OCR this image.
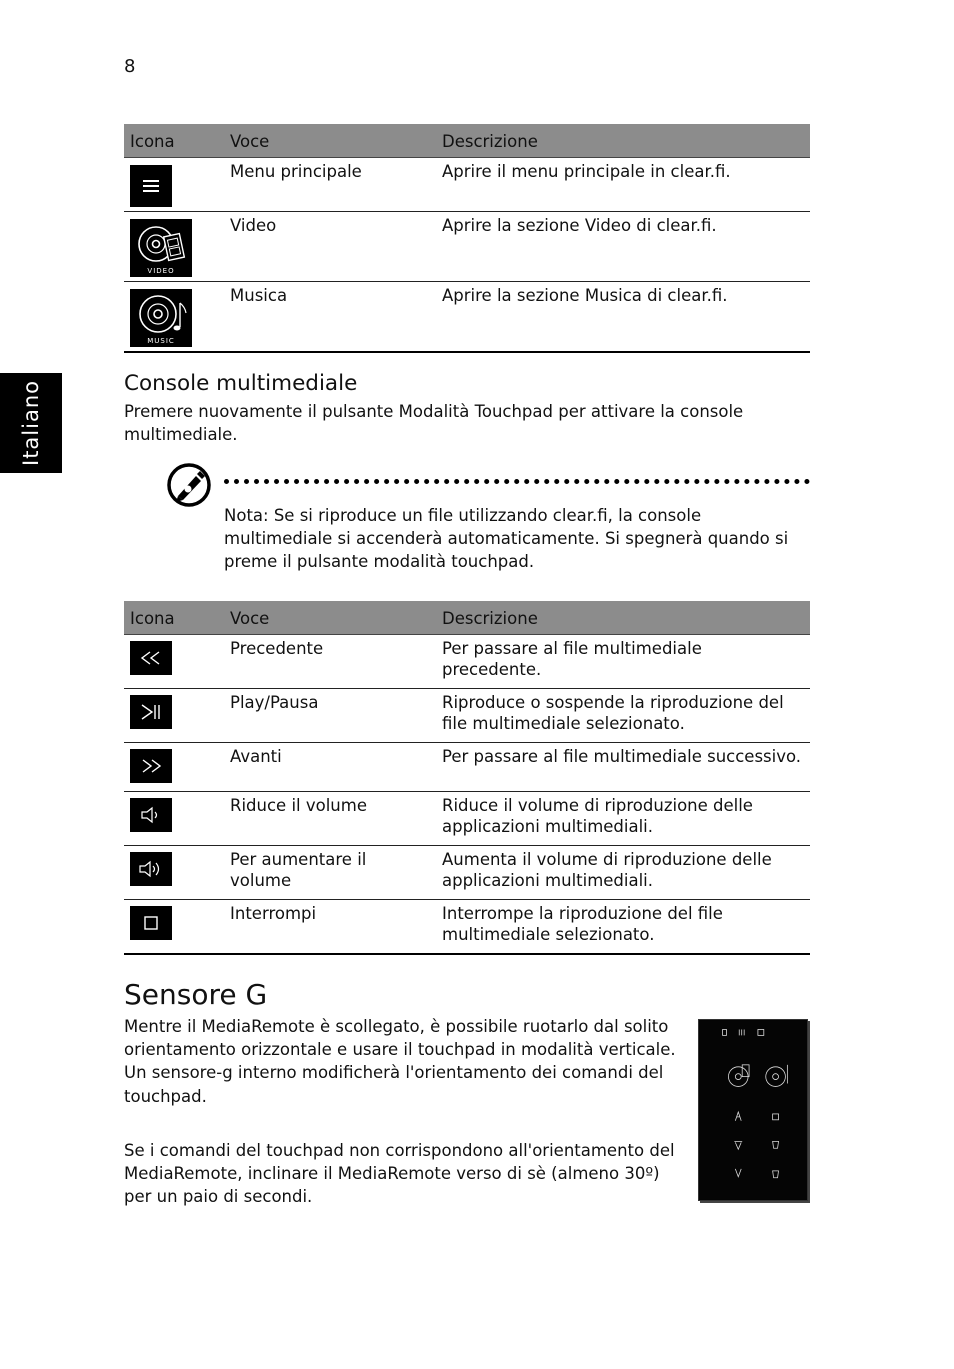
8
Italiano
Icona	Voce	Descrizione

	Menu principale	Aprire il menu principale in clear.fi.

VIDEO	Video	Aprire la sezione Video di clear.fi.

MUSIC	Musica	Aprire la sezione Musica di clear.fi.
Console multimediale
Premere nuovamente il pulsante Modalità Touchpad per attivare la console multimediale.
Nota: Se si riproduce un file utilizzando clear.fi, la console multimediale si accenderà automaticamente. Si spegnerà quando si preme il pulsante modalità touchpad.
Icona	Voce	Descrizione

	Precedente	Per passare al file multimediale precedente.

	Play/Pausa	Riproduce o sospende la riproduzione del file multimediale selezionato.

	Avanti	Per passare al file multimediale successivo.

	Riduce il volume	Riduce il volume di riproduzione delle applicazioni multimediali.

	Per aumentare il volume	Aumenta il volume di riproduzione delle applicazioni multimediali.

	Interrompi	Interrompe la riproduzione del file multimediale selezionato.
Sensore G
Mentre il MediaRemote è scollegato, è possibile ruotarlo dal solito orientamento orizzontale e usare il touchpad in modalità verticale. Un sensore-g interno modificherà l'orientamento dei comandi del touchpad.
Se i comandi del touchpad non corrispondono all'orientamento del MediaRemote, inclinare il MediaRemote verso di sè (almeno 30º) per un paio di secondi.
